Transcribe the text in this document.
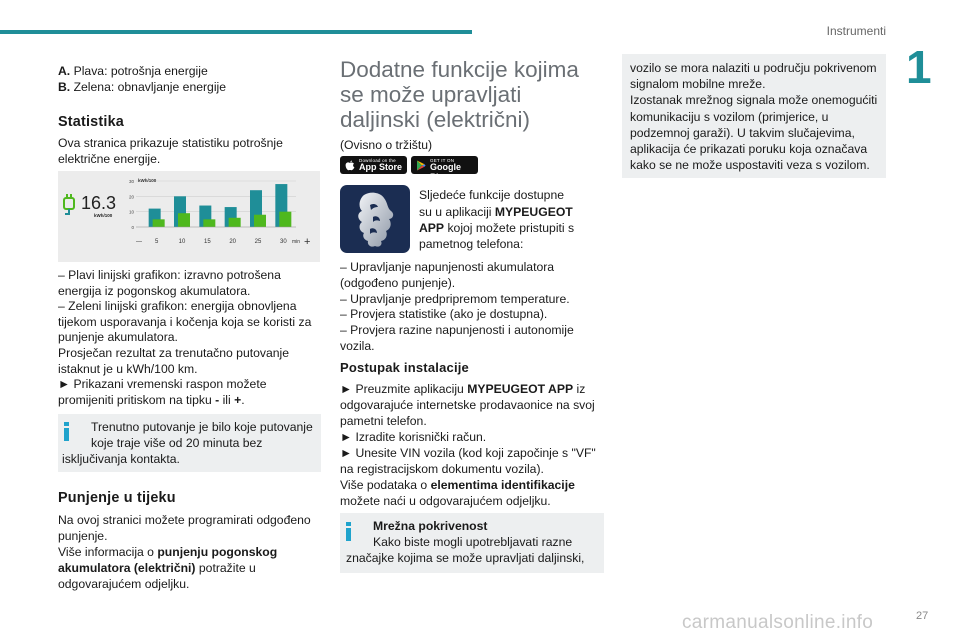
Instrumenti
1

A. Plava: potrošnja energije

B. Zelena: obnavljanje energije

Statistika

Ova stranica prikazuje statistiku potrošnje

električne energije.

16.3
kWh/100
0
10
20
30 kWh/100
5	10	15	20	25	30
—	min +

– Plavi linijski grafikon: izravno potrošena

energija iz pogonskog akumulatora.

– Zeleni linijski grafikon: energija obnovljena

tijekom usporavanja i kočenja koja se koristi za

punjenje akumulatora.

Prosječan rezultat za trenutačno putovanje

istaknut je u kWh/100 km.

► Prikazani vremenski raspon možete

promijeniti pritiskom na tipku - ili +.

Trenutno putovanje je bilo koje putovanje

koje traje više od 20 minuta bez

isključivanja kontakta.

Punjenje u tijeku

Na ovoj stranici možete programirati odgođeno

punjenje.

Više informacija o punjenju pogonskog

akumulatora (električni) potražite u

odgovarajućem odjeljku.

Dodatne funkcije kojima
se može upravljati
daljinski (električni)

(Ovisno o tržištu)

Download on the
App Store
GET IT ON
Google Play

Sljedeće funkcije dostupne

su u aplikaciji MYPEUGEOT

APP kojoj možete pristupiti s

pametnog telefona:

– Upravljanje napunjenosti akumulatora

(odgođeno punjenje).

– Upravljanje predpripremom temperature.

– Provjera statistike (ako je dostupna).

– Provjera razine napunjenosti i autonomije

vozila.

Postupak instalacije

► Preuzmite aplikaciju MYPEUGEOT APP iz

odgovarajuće internetske prodavaonice na svoj

pametni telefon.

► Izradite korisnički račun.

► Unesite VIN vozila (kod koji započinje s "VF"

na registracijskom dokumentu vozila).

Više podataka o elementima identifikacije

možete naći u odgovarajućem odjeljku.

Mrežna pokrivenost

Kako biste mogli upotrebljavati razne

značajke kojima se može upravljati daljinski,

vozilo se mora nalaziti u području pokrivenom

signalom mobilne mreže.

Izostanak mrežnog signala može onemogućiti

komunikaciju s vozilom (primjerice, u

podzemnoj garaži). U takvim slučajevima,

aplikacija će prikazati poruku koja označava

kako se ne može uspostaviti veza s vozilom.

carmanualsonline.info	27
